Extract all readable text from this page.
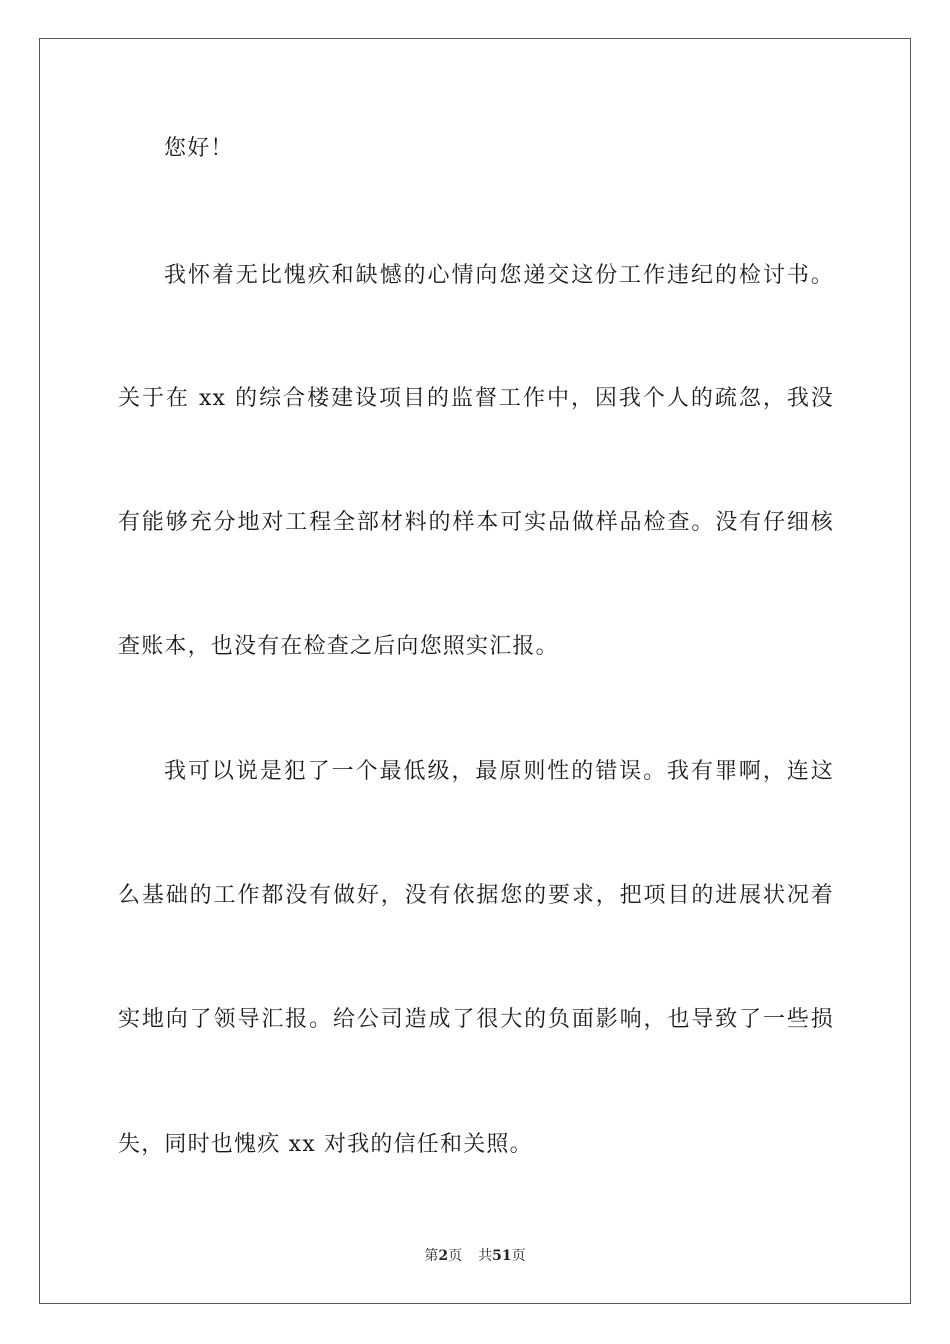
您好！
我怀着无比愧疚和缺憾的心情向您递交这份工作违纪的检讨书。
关于在 xx 的综合楼建设项目的监督工作中，因我个人的疏忽，我没
有能够充分地对工程全部材料的样本可实品做样品检查。没有仔细核
查账本，也没有在检查之后向您照实汇报。
我可以说是犯了一个最低级，最原则性的错误。我有罪啊，连这
么基础的工作都没有做好，没有依据您的要求，把项目的进展状况着
实地向了领导汇报。给公司造成了很大的负面影响，也导致了一些损
失，同时也愧疚 xx 对我的信任和关照。
第2页 共51页
